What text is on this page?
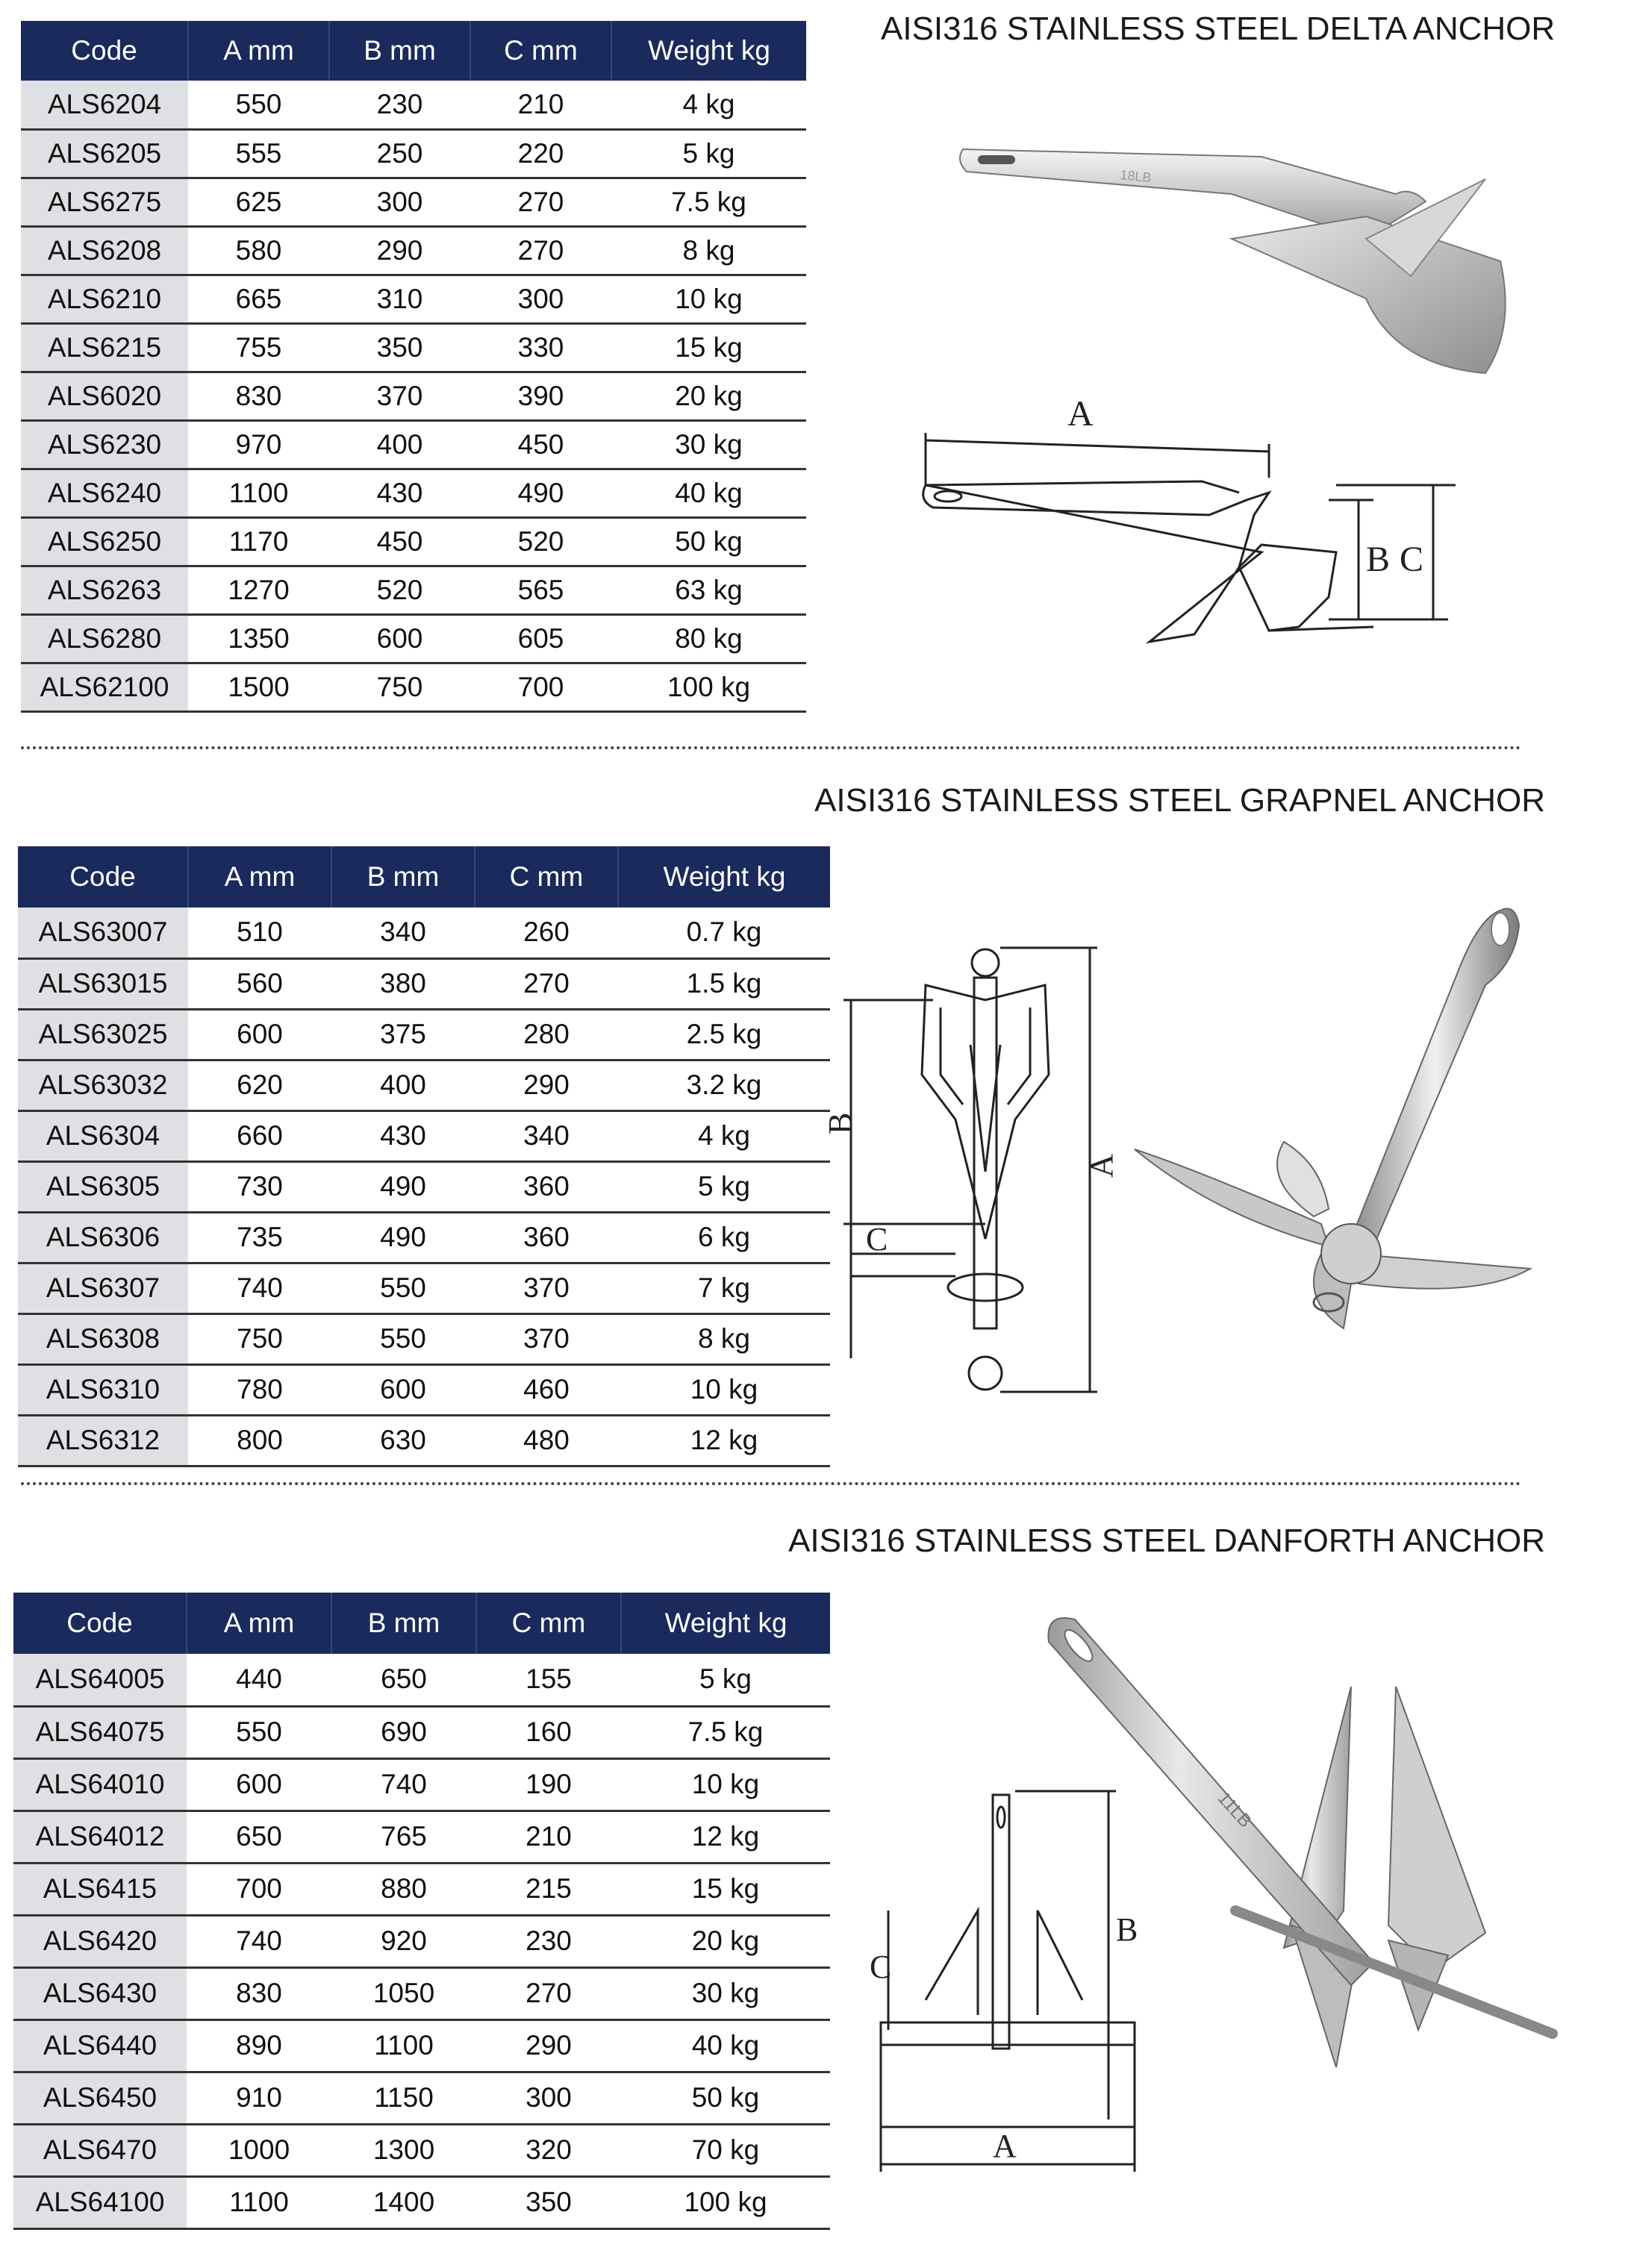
AISI316 STAINLESS STEEL DELTA ANCHOR
Code	A mm	B mm	C mm	Weight kg
ALS6204	550	230	210	4 kg
ALS6205	555	250	220	5 kg
ALS6275	625	300	270	7.5 kg
ALS6208	580	290	270	8 kg
ALS6210	665	310	300	10 kg
ALS6215	755	350	330	15 kg
ALS6020	830	370	390	20 kg
ALS6230	970	400	450	30 kg
ALS6240	1100	430	490	40 kg
ALS6250	1170	450	520	50 kg
ALS6263	1270	520	565	63 kg
ALS6280	1350	600	605	80 kg
ALS62100	1500	750	700	100 kg
18LB
A
B C
AISI316 STAINLESS STEEL GRAPNEL ANCHOR
Code	A mm	B mm	C mm	Weight kg
ALS63007	510	340	260	0.7 kg
ALS63015	560	380	270	1.5 kg
ALS63025	600	375	280	2.5 kg
ALS63032	620	400	290	3.2 kg
ALS6304	660	430	340	4 kg
ALS6305	730	490	360	5 kg
ALS6306	735	490	360	6 kg
ALS6307	740	550	370	7 kg
ALS6308	750	550	370	8 kg
ALS6310	780	600	460	10 kg
ALS6312	800	630	480	12 kg
B
A
C
AISI316 STAINLESS STEEL DANFORTH ANCHOR
Code	A mm	B mm	C mm	Weight kg
ALS64005	440	650	155	5 kg
ALS64075	550	690	160	7.5 kg
ALS64010	600	740	190	10 kg
ALS64012	650	765	210	12 kg
ALS6415	700	880	215	15 kg
ALS6420	740	920	230	20 kg
ALS6430	830	1050	270	30 kg
ALS6440	890	1100	290	40 kg
ALS6450	910	1150	300	50 kg
ALS6470	1000	1300	320	70 kg
ALS64100	1100	1400	350	100 kg
C
B
A
11LB
